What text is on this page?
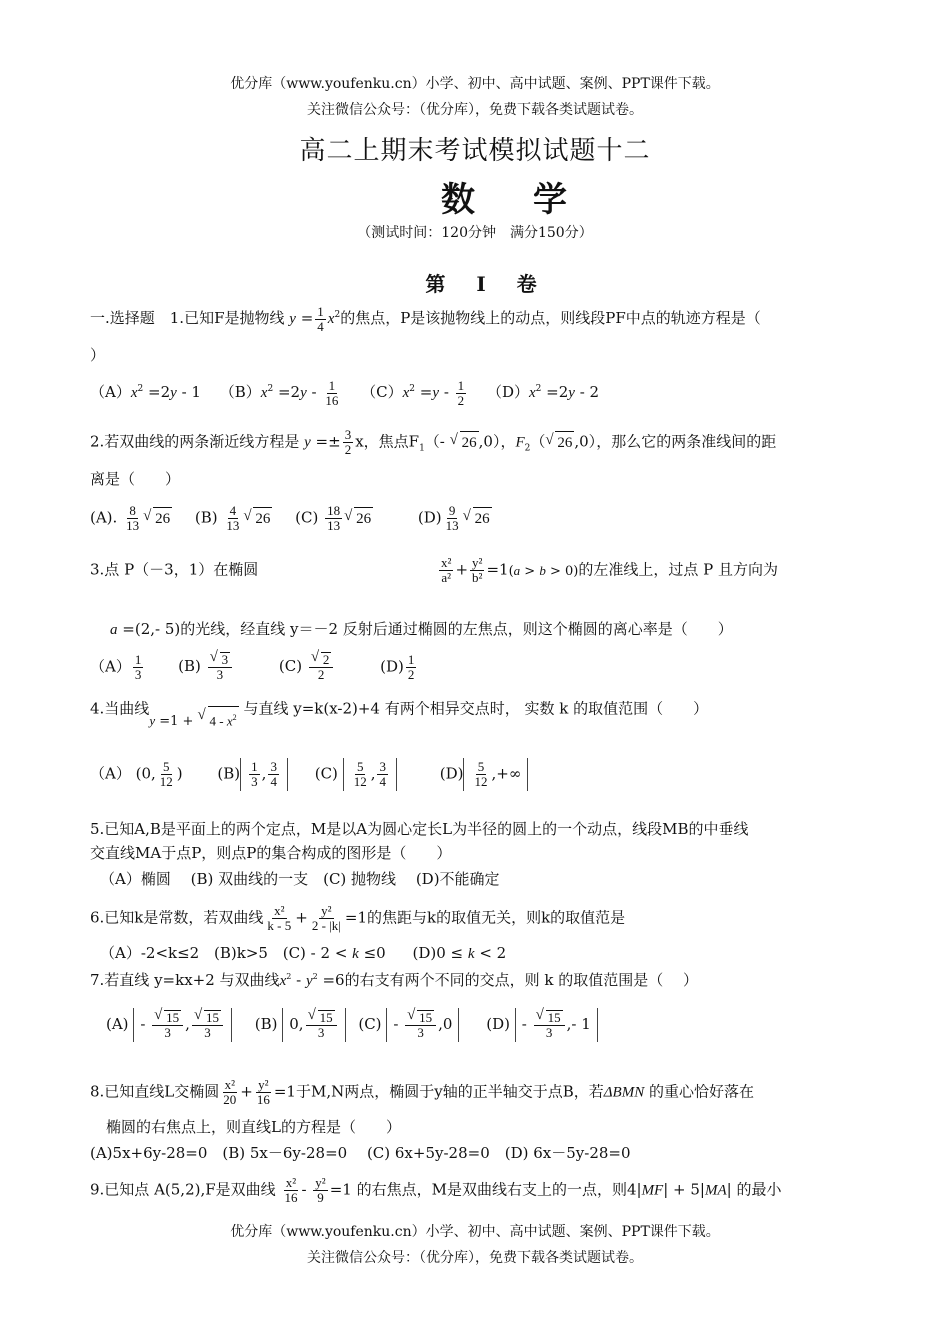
优分库（www.youfenku.cn）小学、初中、高中试题、案例、PPT课件下载。
关注微信公众号：（优分库），免费下载各类试题试卷。
高二上期末考试模拟试题十二
数学
（测试时间：120分钟　满分150分）
第 I 卷
一.选择题　1.已知F是抛物线 $y = \frac{1}{4} x^2$的焦点，P是该抛物线上的动点，则线段PF中点的轨迹方程是（
）
$(A)x^2 =2y - 1$ $(B)x^2 =2y - \frac{1}{16} (C)x^2 =y - \frac{1}{2} (D)x^2 =2y - 2$
2.若双曲线的两条渐近线方程是 $y =\pm \frac{3}{2}$ x，焦点$F_1(-$ √ 26 ,0），$F_2(√$ 26 ,0），那么它的两条准线间的距
离是（　　）
(A). $\frac{8}{13}$
√ 26 $(B) \frac{4}{13}$
√ 26 $(C) \frac{18}{13}$
√ 26	$(D) \frac{9}{13}$
√ 26
3.点 P（－3，1）在椭圆	$\frac{\text{x²}}{\text{a²}} + \frac{\text{y²}}{\text{b²}} =1(a > b > 0)$的左准线上，过点 P 且方向为
a =(2,- 5)的光线，经直线 y＝－2 反射后通过椭圆的左焦点，则这个椭圆的离心率是（　　）
$(A) \frac{1}{3} (B)$
√ $\frac{3}{3}$	(C)
√ $\frac{2}{2}$	$(D) \frac{1}{2}$
4.当曲线y =1 + √ $4 - x^2$ 与直线 y=k(x-2)+4 有两个相异交点时， 实数 k 的取值范围（　　）
（A） (0, $\frac{5}{12}$ ) $(B) \frac{1}{3}$ , $\frac{3}{4} (C) \frac{5}{12}$ , $\frac{3}{4}$	$(D) \frac{5}{12}$ ,+∞
5.已知A,B是平面上的两个定点，M是以A为圆心定长L为半径的圆上的一个动点，线段MB的中垂线
交直线MA于点P，则点P的集合构成的图形是（　　）
（A）椭圆　 (B) 双曲线的一支　(C) 抛物线　 (D)不能确定
6.已知k是常数，若双曲线 $\frac{\text{x²}}{k - 5} + \frac{\text{y²}}{2 - |k|} =1$的焦距与k的取值无关，则k的取值范是
（A）-2<k≤2 (B)k>5 (C) - 2 < k ≤0 (D)0 ≤ k < 2
7.若直线 y=kx+2 与双曲线$x^2 - y^2 =6$的右支有两个不同的交点，则 k 的取值范围是（　 ）
(A) -
√ $\frac{15}{3}$ ,
√ $\frac{15}{3} (B)$ 0,
√ $\frac{15}{3} (C)$ -
√ $\frac{15}{3} ,0$ (D) -
√ $\frac{15}{3}$ ,- 1
8.已知直线L交椭圆 $\frac{\text{x²}}{20} + \frac{\text{y²}}{16} =1$于M,N两点，椭圆于y轴的正半轴交于点B，若ΔBMN 的重心恰好落在
椭圆的右焦点上，则直线L的方程是（　　）
(A)5x+6y-28=0　(B) 5x－6y-28=0　 (C) 6x+5y-28=0　(D) 6x－5y-28=0
9.已知点 A(5,2),F是双曲线 $\frac{\text{x²}}{16} - \frac{\text{y²}}{9} =1$ 的右焦点，M是双曲线右支上的一点，则4|MF| + 5|MA| 的最小
优分库（www.youfenku.cn）小学、初中、高中试题、案例、PPT课件下载。
关注微信公众号：（优分库），免费下载各类试题试卷。
